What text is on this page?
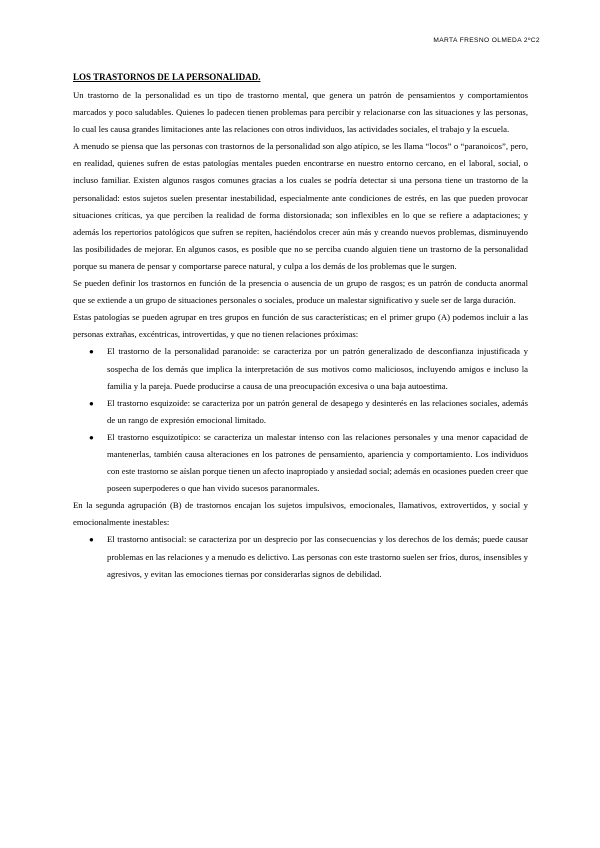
MARTA FRESNO OLMEDA 2ºC2

LOS TRASTORNOS DE LA PERSONALIDAD.

Un trastorno de la personalidad es un tipo de trastorno mental, que genera un patrón de pensamientos y comportamientos marcados y poco saludables. Quienes lo padecen tienen problemas para percibir y relacionarse con las situaciones y las personas, lo cual les causa grandes limitaciones ante las relaciones con otros individuos, las actividades sociales, el trabajo y la escuela.

A menudo se piensa que las personas con trastornos de la personalidad son algo atípico, se les llama “locos” o “paranoicos”, pero, en realidad, quienes sufren de estas patologías mentales pueden encontrarse en nuestro entorno cercano, en el laboral, social, o incluso familiar. Existen algunos rasgos comunes gracias a los cuales se podría detectar si una persona tiene un trastorno de la personalidad: estos sujetos suelen presentar inestabilidad, especialmente ante condiciones de estrés, en las que pueden provocar situaciones críticas, ya que perciben la realidad de forma distorsionada; son inflexibles en lo que se refiere a adaptaciones; y además los repertorios patológicos que sufren se repiten, haciéndolos crecer aún más y creando nuevos problemas, disminuyendo las posibilidades de mejorar. En algunos casos, es posible que no se perciba cuando alguien tiene un trastorno de la personalidad porque su manera de pensar y comportarse parece natural, y culpa a los demás de los problemas que le surgen.

Se pueden definir los trastornos en función de la presencia o ausencia de un grupo de rasgos; es un patrón de conducta anormal que se extiende a un grupo de situaciones personales o sociales, produce un malestar significativo y suele ser de larga duración.

Estas patologías se pueden agrupar en tres grupos en función de sus características; en el primer grupo (A) podemos incluir a las personas extrañas, excéntricas, introvertidas, y que no tienen relaciones próximas:

● El trastorno de la personalidad paranoide: se caracteriza por un patrón generalizado de desconfianza injustificada y sospecha de los demás que implica la interpretación de sus motivos como maliciosos, incluyendo amigos e incluso la familia y la pareja. Puede producirse a causa de una preocupación excesiva o una baja autoestima.
● El trastorno esquizoide: se caracteriza por un patrón general de desapego y desinterés en las relaciones sociales, además de un rango de expresión emocional limitado.
● El trastorno esquizotípico: se caracteriza un malestar intenso con las relaciones personales y una menor capacidad de mantenerlas, también causa alteraciones en los patrones de pensamiento, apariencia y comportamiento. Los individuos con este trastorno se aíslan porque tienen un afecto inapropiado y ansiedad social; además en ocasiones pueden creer que poseen superpoderes o que han vivido sucesos paranormales.

En la segunda agrupación (B) de trastornos encajan los sujetos impulsivos, emocionales, llamativos, extrovertidos, y social y emocionalmente inestables:

● El trastorno antisocial: se caracteriza por un desprecio por las consecuencias y los derechos de los demás; puede causar problemas en las relaciones y a menudo es delictivo. Las personas con este trastorno suelen ser fríos, duros, insensibles y agresivos, y evitan las emociones tiernas por considerarlas signos de debilidad.
